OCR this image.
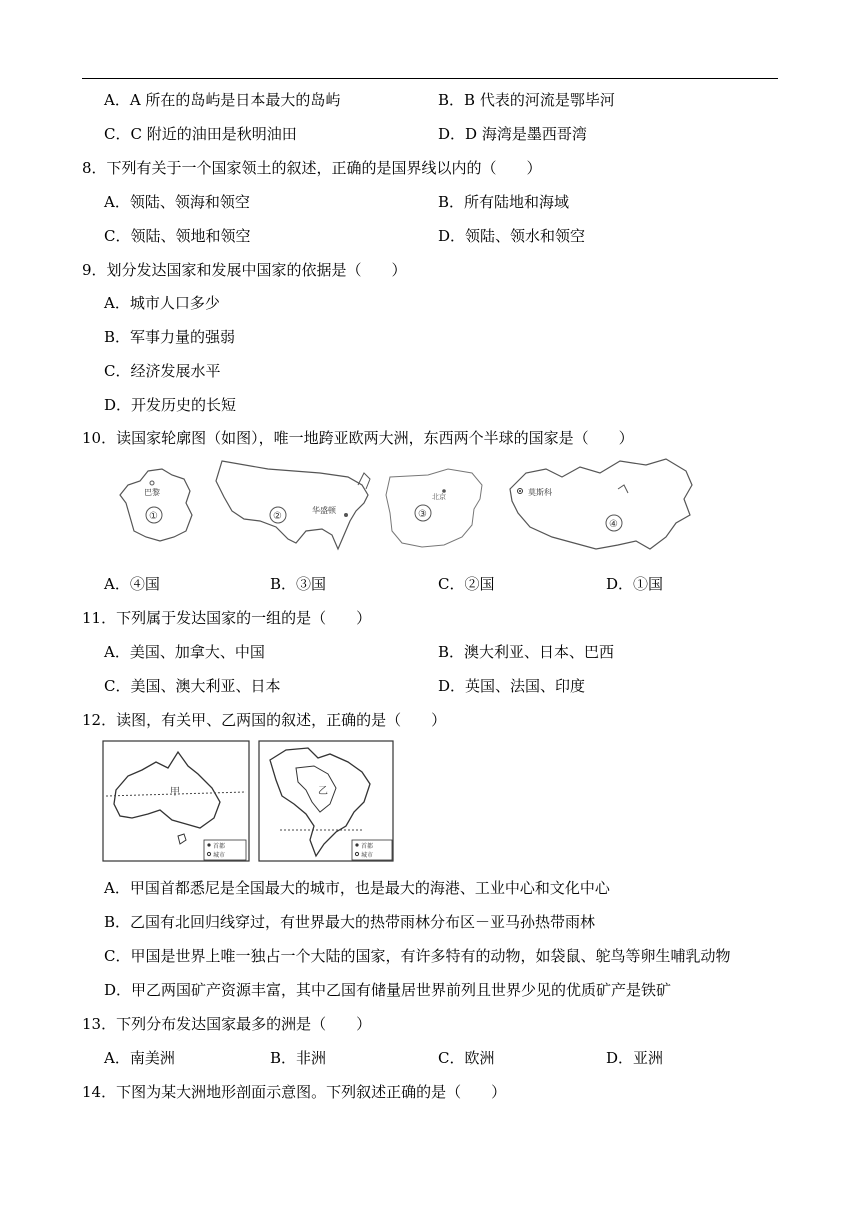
A．A 所在的岛屿是日本最大的岛屿	B．B 代表的河流是鄂毕河
C．C 附近的油田是秋明油田	D．D 海湾是墨西哥湾
8．下列有关于一个国家领土的叙述，正确的是国界线以内的（　　）
A．领陆、领海和领空	B．所有陆地和海域
C．领陆、领地和领空	D．领陆、领水和领空
9．划分发达国家和发展中国家的依据是（　　）
A．城市人口多少
B．军事力量的强弱
C．经济发展水平
D．开发历史的长短
10．读国家轮廓图（如图），唯一地跨亚欧两大洲，东西两个半球的国家是（　　）
巴黎
①	②
华盛顿	③
北京	莫斯科
④
A．④国	B．③国	C．②国	D．①国
11．下列属于发达国家的一组的是（　　）
A．美国、加拿大、中国	B．澳大利亚、日本、巴西
C．美国、澳大利亚、日本	D．英国、法国、印度
12．读图，有关甲、乙两国的叙述，正确的是（　　）
甲
首都
城市
乙
首都
城市
A．甲国首都悉尼是全国最大的城市，也是最大的海港、工业中心和文化中心
B．乙国有北回归线穿过，有世界最大的热带雨林分布区－亚马孙热带雨林
C．甲国是世界上唯一独占一个大陆的国家，有许多特有的动物，如袋鼠、鸵鸟等卵生哺乳动物
D．甲乙两国矿产资源丰富，其中乙国有储量居世界前列且世界少见的优质矿产是铁矿
13．下列分布发达国家最多的洲是（　　）
A．南美洲	B．非洲	C．欧洲	D．亚洲
14．下图为某大洲地形剖面示意图。下列叙述正确的是（　　）
